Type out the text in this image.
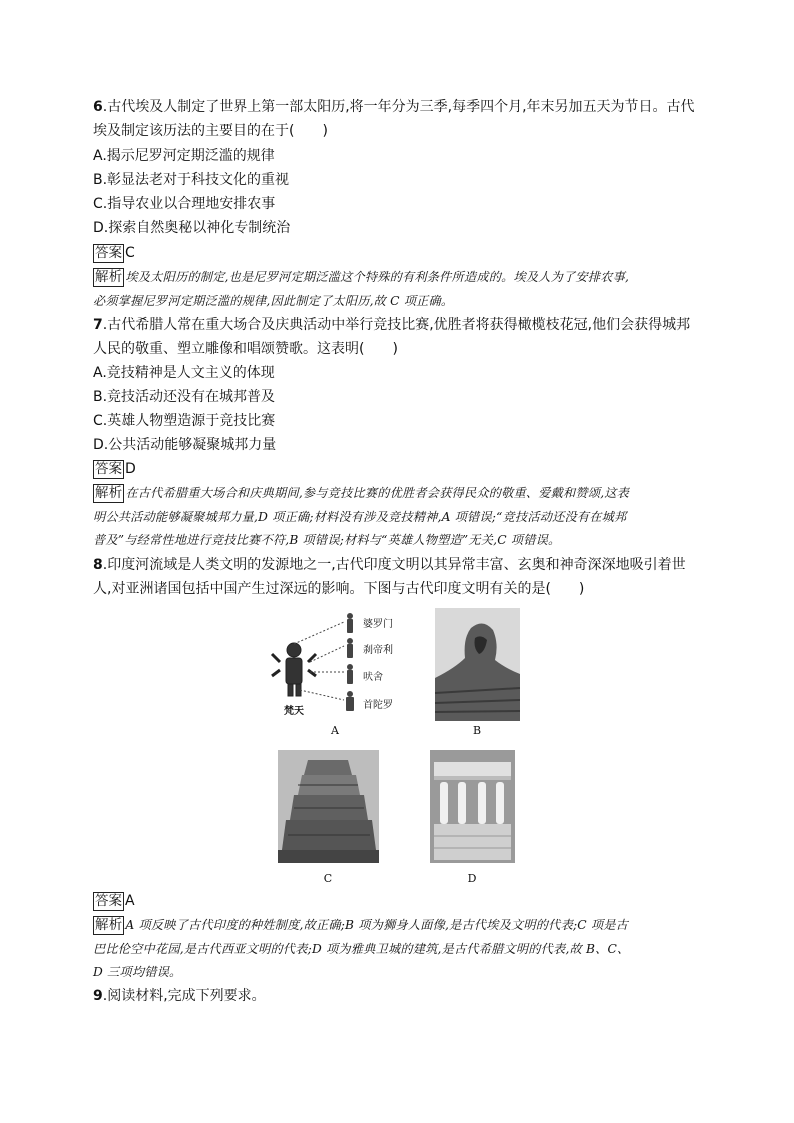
6.古代埃及人制定了世界上第一部太阳历,将一年分为三季,每季四个月,年末另加五天为节日。古代
埃及制定该历法的主要目的在于(　　)
A.揭示尼罗河定期泛滥的规律
B.彰显法老对于科技文化的重视
C.指导农业以合理地安排农事
D.探索自然奥秘以神化专制统治
答案 C
解析 埃及太阳历的制定,也是尼罗河定期泛滥这个特殊的有利条件所造成的。埃及人为了安排农事,
必须掌握尼罗河定期泛滥的规律,因此制定了太阳历,故 C 项正确。
7.古代希腊人常在重大场合及庆典活动中举行竞技比赛,优胜者将获得橄榄枝花冠,他们会获得城邦
人民的敬重、塑立雕像和唱颂赞歌。这表明(　　)
A.竞技精神是人文主义的体现
B.竞技活动还没有在城邦普及
C.英雄人物塑造源于竞技比赛
D.公共活动能够凝聚城邦力量
答案 D
解析 在古代希腊重大场合和庆典期间,参与竞技比赛的优胜者会获得民众的敬重、爱戴和赞颂,这表
明公共活动能够凝聚城邦力量,D 项正确;材料没有涉及竞技精神,A 项错误;“竞技活动还没有在城邦
普及”与经常性地进行竞技比赛不符,B 项错误;材料与“英雄人物塑造”无关,C 项错误。
8.印度河流域是人类文明的发源地之一,古代印度文明以其异常丰富、玄奥和神奇深深地吸引着世
人,对亚洲诸国包括中国产生过深远的影响。下图与古代印度文明有关的是(　　)
婆罗门
刹帝利
吠舍
首陀罗
梵天
A	B
C	D
答案 A
解析 A 项反映了古代印度的种姓制度,故正确;B 项为狮身人面像,是古代埃及文明的代表;C 项是古
巴比伦空中花园,是古代西亚文明的代表;D 项为雅典卫城的建筑,是古代希腊文明的代表,故 B、C、
D 三项均错误。
9.阅读材料,完成下列要求。
